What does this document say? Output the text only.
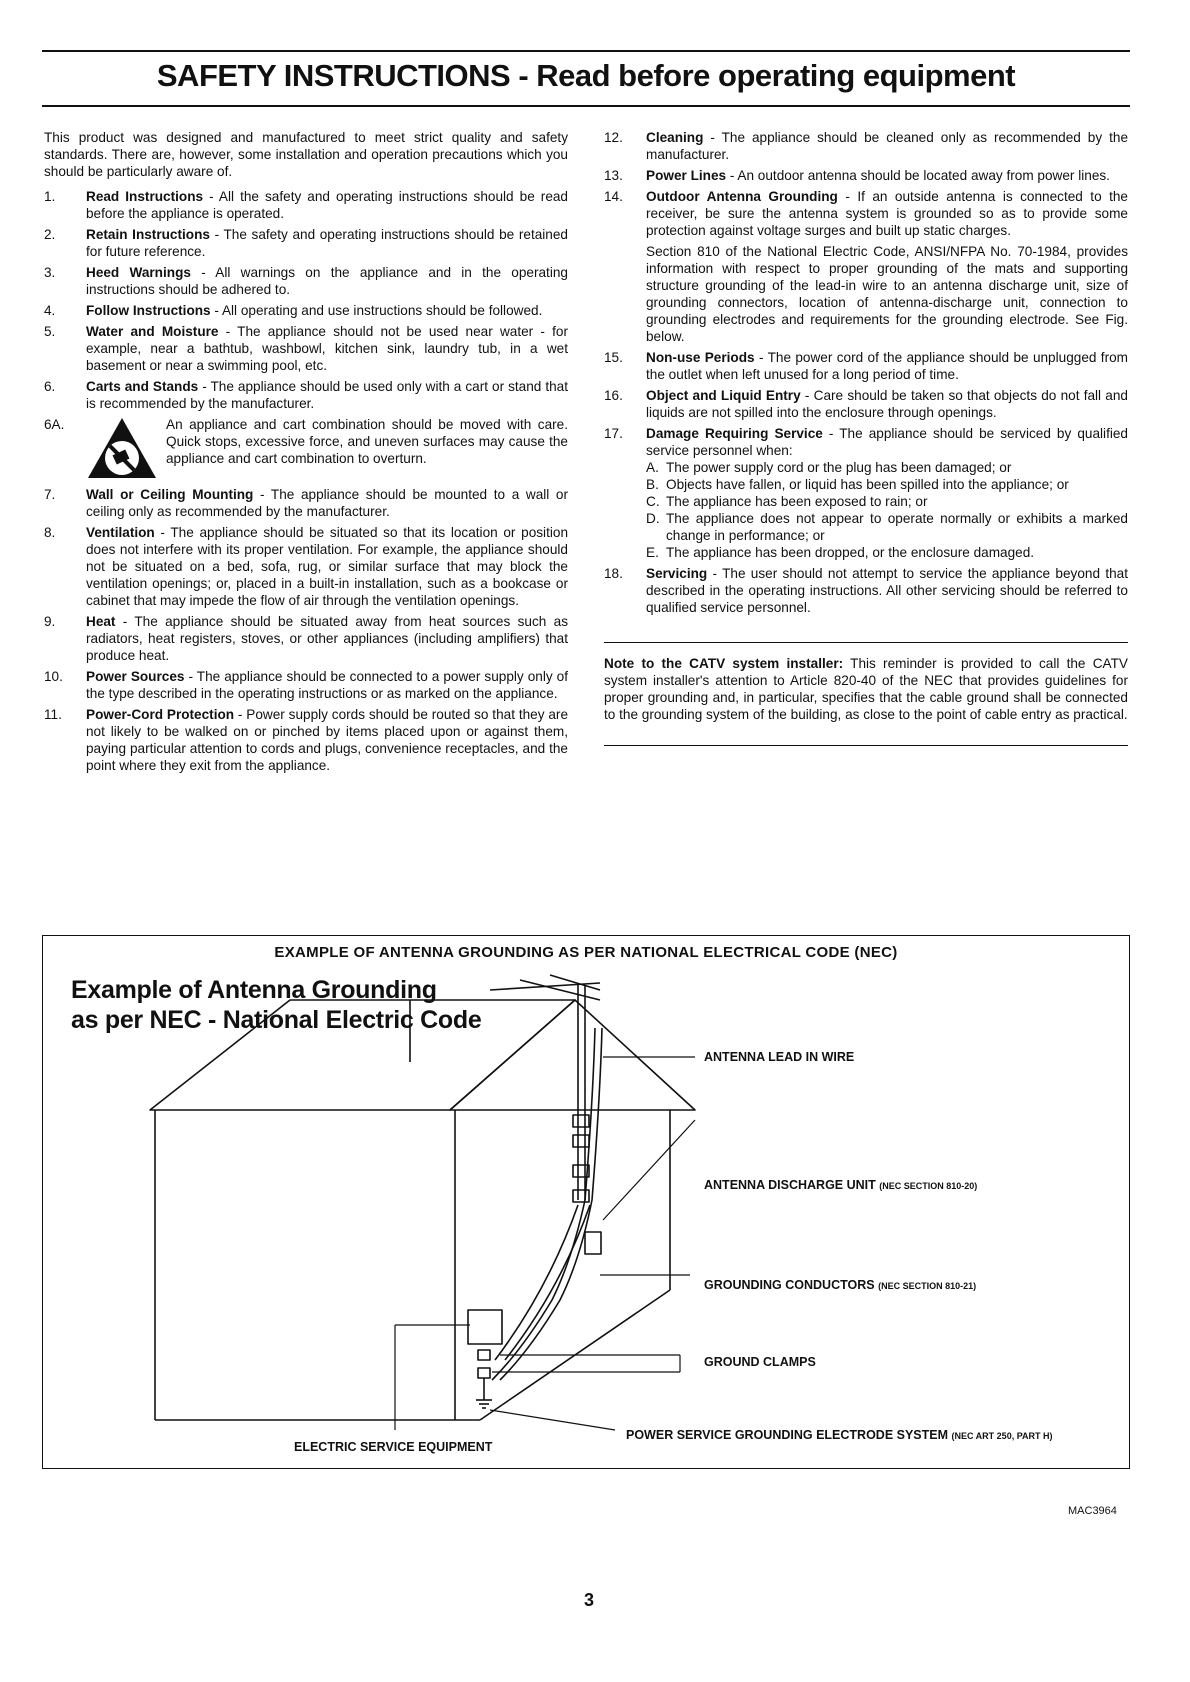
SAFETY INSTRUCTIONS - Read before operating equipment

This product was designed and manufactured to meet strict quality and safety standards. There are, however, some installation and operation precautions which you should be particularly aware of.

1. Read Instructions - All the safety and operating instructions should be read before the appliance is operated.
2. Retain Instructions - The safety and operating instructions should be retained for future reference.
3. Heed Warnings - All warnings on the appliance and in the operating instructions should be adhered to.
4. Follow Instructions - All operating and use instructions should be followed.
5. Water and Moisture - The appliance should not be used near water - for example, near a bathtub, washbowl, kitchen sink, laundry tub, in a wet basement or near a swimming pool, etc.
6. Carts and Stands - The appliance should be used only with a cart or stand that is recommended by the manufacturer.
6A.	An appliance and cart combination should be moved with care. Quick stops, excessive force, and uneven surfaces may cause the appliance and cart combination to overturn.
7. Wall or Ceiling Mounting - The appliance should be mounted to a wall or ceiling only as recommended by the manufacturer.
8. Ventilation - The appliance should be situated so that its location or position does not interfere with its proper ventilation. For example, the appliance should not be situated on a bed, sofa, rug, or similar surface that may block the ventilation openings; or, placed in a built-in installation, such as a bookcase or cabinet that may impede the flow of air through the ventilation openings.
9. Heat - The appliance should be situated away from heat sources such as radiators, heat registers, stoves, or other appliances (including amplifiers) that produce heat.
10. Power Sources - The appliance should be connected to a power supply only of the type described in the operating instructions or as marked on the appliance.
11. Power-Cord Protection - Power supply cords should be routed so that they are not likely to be walked on or pinched by items placed upon or against them, paying particular attention to cords and plugs, convenience receptacles, and the point where they exit from the appliance.
12. Cleaning - The appliance should be cleaned only as recommended by the manufacturer.
13. Power Lines - An outdoor antenna should be located away from power lines.
14. Outdoor Antenna Grounding - If an outside antenna is connected to the receiver, be sure the antenna system is grounded so as to provide some protection against voltage surges and built up static charges.
Section 810 of the National Electric Code, ANSI/NFPA No. 70-1984, provides information with respect to proper grounding of the mats and supporting structure grounding of the lead-in wire to an antenna discharge unit, size of grounding connectors, location of antenna-discharge unit, connection to grounding electrodes and requirements for the grounding electrode. See Fig. below.
15. Non-use Periods - The power cord of the appliance should be unplugged from the outlet when left unused for a long period of time.
16. Object and Liquid Entry - Care should be taken so that objects do not fall and liquids are not spilled into the enclosure through openings.
17. Damage Requiring Service - The appliance should be serviced by qualified service personnel when:
A. The power supply cord or the plug has been damaged; or
B. Objects have fallen, or liquid has been spilled into the appliance; or
C. The appliance has been exposed to rain; or
D. The appliance does not appear to operate normally or exhibits a marked change in performance; or
E. The appliance has been dropped, or the enclosure damaged.
18. Servicing - The user should not attempt to service the appliance beyond that described in the operating instructions. All other servicing should be referred to qualified service personnel.

Note to the CATV system installer: This reminder is provided to call the CATV system installer's attention to Article 820-40 of the NEC that provides guidelines for proper grounding and, in particular, specifies that the cable ground shall be connected to the grounding system of the building, as close to the point of cable entry as practical.

EXAMPLE OF ANTENNA GROUNDING AS PER NATIONAL ELECTRICAL CODE (NEC)
Example of Antenna Grounding
as per NEC - National Electric Code
ANTENNA LEAD IN WIRE
ANTENNA DISCHARGE UNIT (NEC SECTION 810-20)
GROUNDING CONDUCTORS (NEC SECTION 810-21)
GROUND CLAMPS
POWER SERVICE GROUNDING ELECTRODE SYSTEM (NEC ART 250, PART H)
ELECTRIC SERVICE EQUIPMENT
MAC3964
3
